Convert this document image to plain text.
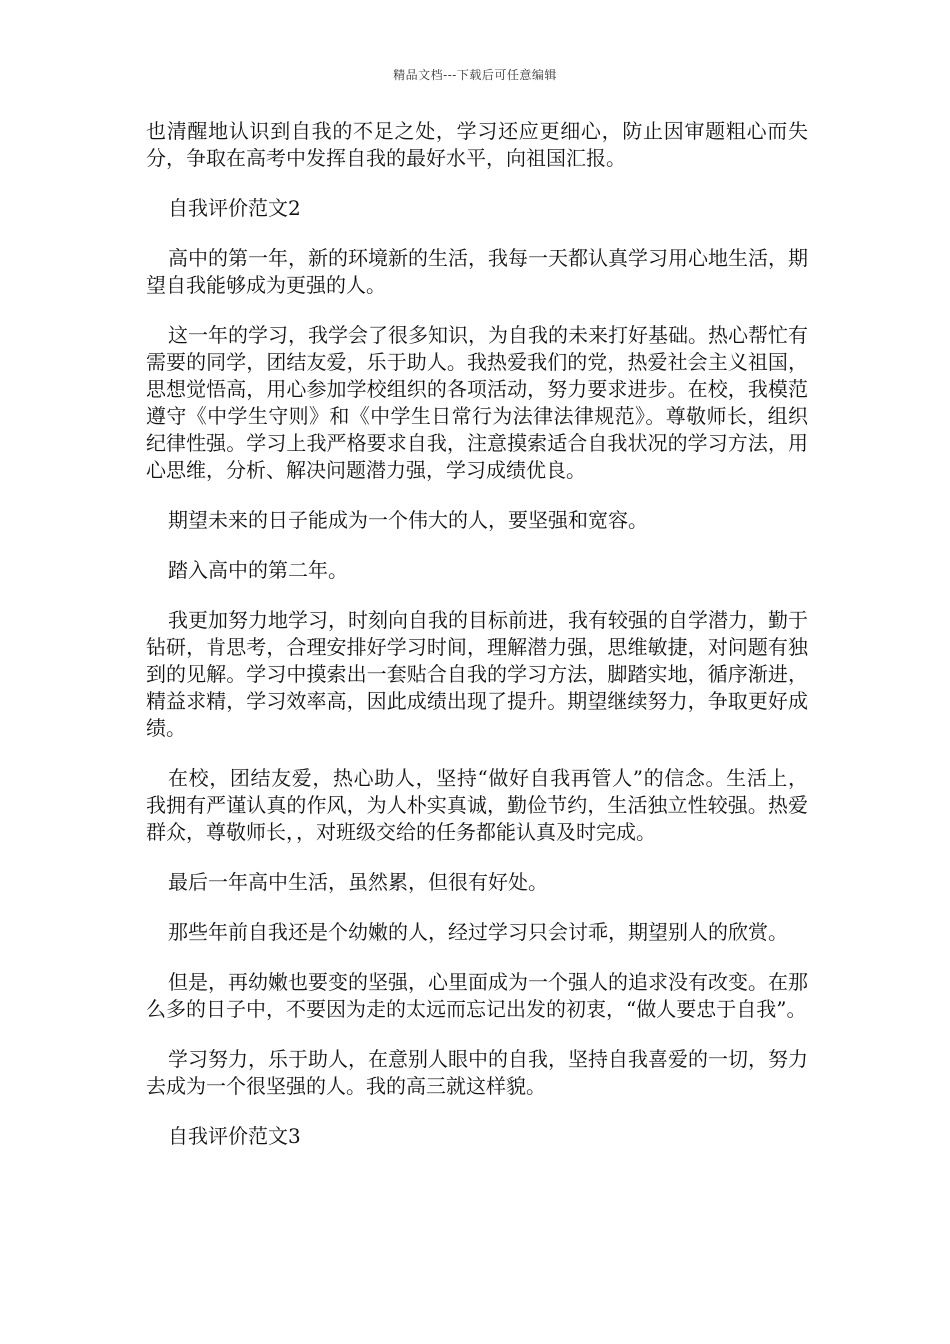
精品文档---下载后可任意编辑

也清醒地认识到自我的不足之处，学习还应更细心，防止因审题粗心而失分，争取在高考中发挥自我的最好水平，向祖国汇报。

自我评价范文2

高中的第一年，新的环境新的生活，我每一天都认真学习用心地生活，期望自我能够成为更强的人。

这一年的学习，我学会了很多知识，为自我的未来打好基础。热心帮忙有需要的同学，团结友爱，乐于助人。我热爱我们的党，热爱社会主义祖国，思想觉悟高，用心参加学校组织的各项活动，努力要求进步。在校，我模范遵守《中学生守则》和《中学生日常行为法律法律规范》。尊敬师长，组织纪律性强。学习上我严格要求自我，注意摸索适合自我状况的学习方法，用心思维，分析、解决问题潜力强，学习成绩优良。

期望未来的日子能成为一个伟大的人，要坚强和宽容。

踏入高中的第二年。

我更加努力地学习，时刻向自我的目标前进，我有较强的自学潜力，勤于钻研，肯思考，合理安排好学习时间，理解潜力强，思维敏捷，对问题有独到的见解。学习中摸索出一套贴合自我的学习方法，脚踏实地，循序渐进，精益求精，学习效率高，因此成绩出现了提升。期望继续努力，争取更好成绩。

在校，团结友爱，热心助人，坚持“做好自我再管人”的信念。生活上，我拥有严谨认真的作风，为人朴实真诚，勤俭节约，生活独立性较强。热爱群众，尊敬师长，，对班级交给的任务都能认真及时完成。

最后一年高中生活，虽然累，但很有好处。

那些年前自我还是个幼嫩的人，经过学习只会讨乖，期望别人的欣赏。

但是，再幼嫩也要变的坚强，心里面成为一个强人的追求没有改变。在那么多的日子中，不要因为走的太远而忘记出发的初衷，“做人要忠于自我”。

学习努力，乐于助人，在意别人眼中的自我，坚持自我喜爱的一切，努力去成为一个很坚强的人。我的高三就这样貌。

自我评价范文3
